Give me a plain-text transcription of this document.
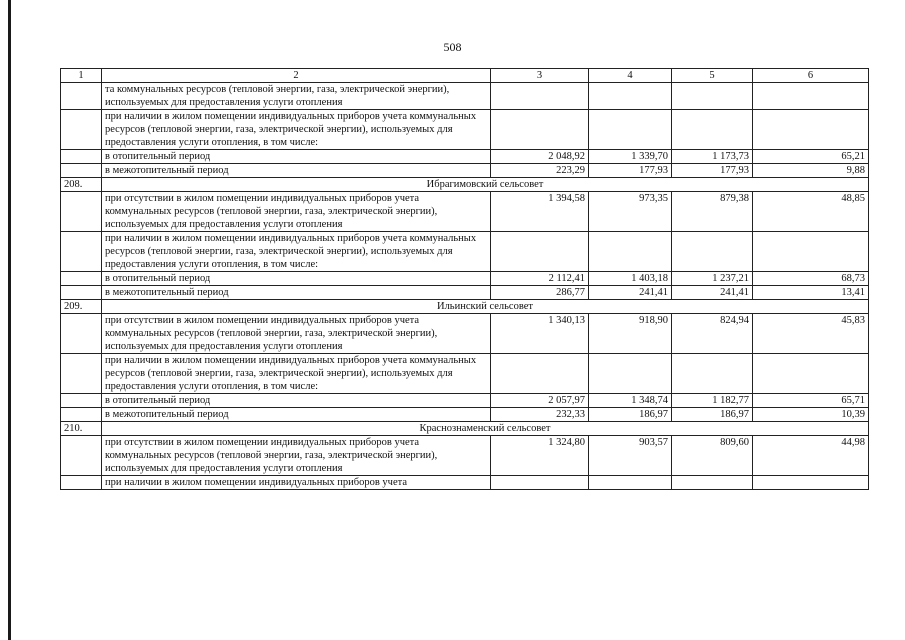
508
1	2	3	4	5	6
	та коммунальных ресурсов (тепловой энергии, газа, электрической энергии), используемых для предоставления услуги отопления				
	при наличии в жилом помещении индивидуальных приборов учета коммунальных ресурсов (тепловой энергии, газа, электрической энергии), используемых для предоставления услуги отопления, в том числе:				
	в отопительный период	2 048,92	1 339,70	1 173,73	65,21
	в межотопительный период	223,29	177,93	177,93	9,88
208.	Ибрагимовский сельсовет				
	при отсутствии в жилом помещении индивидуальных приборов учета коммунальных ресурсов (тепловой энергии, газа, электрической энергии), используемых для предоставления услуги отопления	1 394,58	973,35	879,38	48,85
	при наличии в жилом помещении индивидуальных приборов учета коммунальных ресурсов (тепловой энергии, газа, электрической энергии), используемых для предоставления услуги отопления, в том числе:				
	в отопительный период	2 112,41	1 403,18	1 237,21	68,73
	в межотопительный период	286,77	241,41	241,41	13,41
209.	Ильинский сельсовет				
	при отсутствии в жилом помещении индивидуальных приборов учета коммунальных ресурсов (тепловой энергии, газа, электрической энергии), используемых для предоставления услуги отопления	1 340,13	918,90	824,94	45,83
	при наличии в жилом помещении индивидуальных приборов учета коммунальных ресурсов (тепловой энергии, газа, электрической энергии), используемых для предоставления услуги отопления, в том числе:				
	в отопительный период	2 057,97	1 348,74	1 182,77	65,71
	в межотопительный период	232,33	186,97	186,97	10,39
210.	Краснознаменский сельсовет				
	при отсутствии в жилом помещении индивидуальных приборов учета коммунальных ресурсов (тепловой энергии, газа, электрической энергии), используемых для предоставления услуги отопления	1 324,80	903,57	809,60	44,98
	при наличии в жилом помещении индивидуальных приборов учета				
